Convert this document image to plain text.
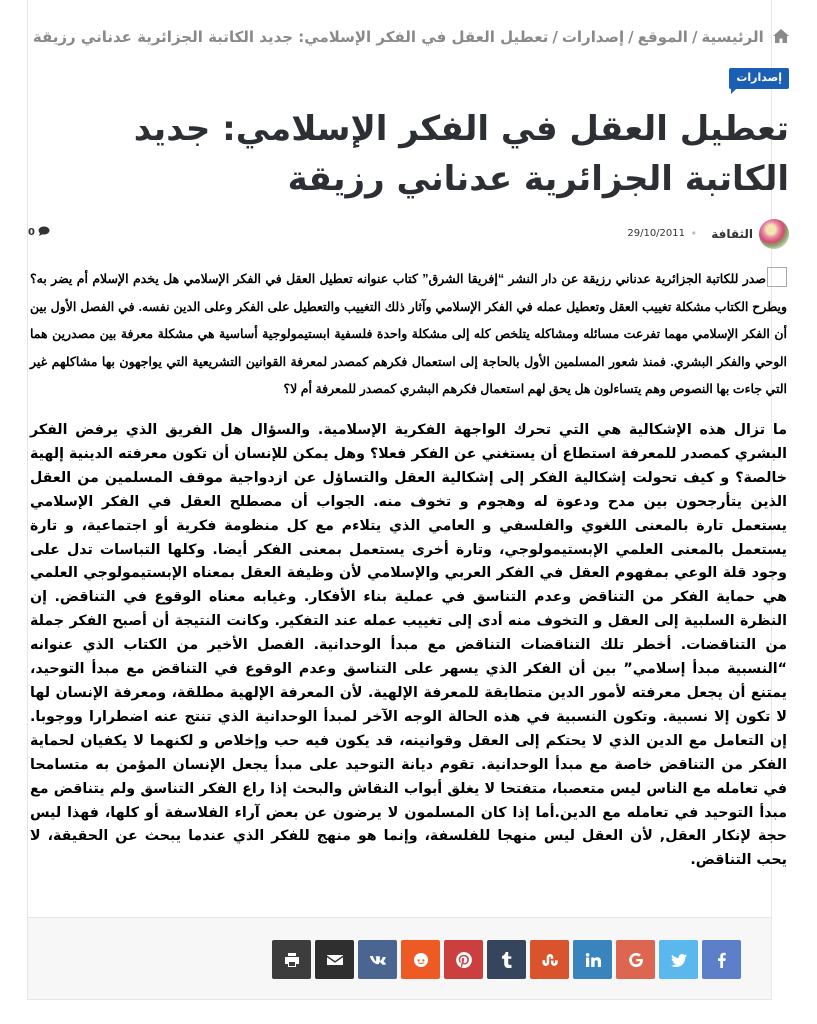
الرئيسية/الموقع/إصدارات/تعطيل العقل في الفكر الإسلامي: جديد الكاتبة الجزائرية عدناني رزيقة
إصدارات
تعطيل العقل في الفكر الإسلامي: جديد الكاتبة الجزائرية عدناني رزيقة
الثقافة
•
29/10/2011
0
صدر للكاتبة الجزائرية عدناني رزيقة عن دار النشر “إفريقا الشرق” كتاب عنوانه تعطيل العقل في الفكر الإسلامي هل يخدم الإسلام أم يضر به؟ ويطرح الكتاب مشكلة تغييب العقل وتعطيل عمله في الفكر الإسلامي وآثار ذلك التغييب والتعطيل على الفكر وعلى الدين نفسه. في الفصل الأول بين أن الفكر الإسلامي مهما تفرعت مسائله ومشاكله يتلخص كله إلى مشكلة واحدة فلسفية ابستيمولوجية أساسية هي مشكلة معرفة بين مصدرين هما الوحي والفكر البشري. فمنذ شعور المسلمين الأول بالحاجة إلى استعمال فكرهم كمصدر لمعرفة القوانين التشريعية التي يواجهون بها مشاكلهم غير التي جاءت بها النصوص وهم يتساءلون هل يحق لهم استعمال فكرهم البشري كمصدر للمعرفة أم لا؟

ما تزال هذه الإشكالية هي التي تحرك الواجهة الفكرية الإسلامية. والسؤال هل الفريق الذي يرفض الفكر البشري كمصدر للمعرفة استطاع أن يستغني عن الفكر فعلا؟ وهل يمكن للإنسان أن تكون معرفته الدينية إلهية خالصة؟ و كيف تحولت إشكالية الفكر إلى إشكالية العقل والتساؤل عن ازدواجية موقف المسلمين من العقل الذين يتأرجحون بين مدح ودعوة له وهجوم و تخوف منه. الجواب أن مصطلح العقل في الفكر الإسلامي يستعمل تارة بالمعنى اللغوي والفلسفي و العامي الذي يتلاءم مع كل منظومة فكرية أو اجتماعية، و تارة يستعمل بالمعنى العلمي الإبستيمولوجي، وتارة أخرى يستعمل بمعنى الفكر أيضا. وكلها التباسات تدل على وجود قلة الوعي بمفهوم العقل في الفكر العربي والإسلامي لأن وظيفة العقل بمعناه الإبستيمولوجي العلمي هي حماية الفكر من التناقض وعدم التناسق في عملية بناء الأفكار. وغيابه معناه الوقوع في التناقض. إن النظرة السلبية إلى العقل و التخوف منه أدى إلى تغييب عمله عند التفكير. وكانت النتيجة أن أصبح الفكر جملة من التناقضات. أخطر تلك التناقضات التناقض مع مبدأ الوحدانية. الفصل الأخير من الكتاب الذي عنوانه “النسبية مبدأ إسلامي” بين أن الفكر الذي يسهر على التناسق وعدم الوقوع في التناقض مع مبدأ التوحيد، يمتنع أن يجعل معرفته لأمور الدين متطابقة للمعرفة الإلهية. لأن المعرفة الإلهية مطلقة، ومعرفة الإنسان لها لا تكون إلا نسبية. وتكون النسبية في هذه الحالة الوجه الآخر لمبدأ الوحدانية الذي تنتج عنه اضطرارا ووجوبا. إن التعامل مع الدين الذي لا يحتكم إلى العقل وقوانينه، قد يكون فيه حب وإخلاص و لكنهما لا يكفيان لحماية الفكر من التناقض خاصة مع مبدأ الوحدانية. تقوم ديانة التوحيد على مبدأ يجعل الإنسان المؤمن به متسامحا في تعامله مع الناس ليس متعصبا، متفتحا لا يغلق أبواب النقاش والبحث إذا راع الفكر التناسق ولم يتناقض مع مبدأ التوحيد في تعامله مع الدين.أما إذا كان المسلمون لا يرضون عن بعض آراء الفلاسفة أو كلها، فهذا ليس حجة لإنكار العقل, لأن العقل ليس منهجا للفلسفة، وإنما هو منهج للفكر الذي عندما يبحث عن الحقيقة، لا يحب التناقض.
